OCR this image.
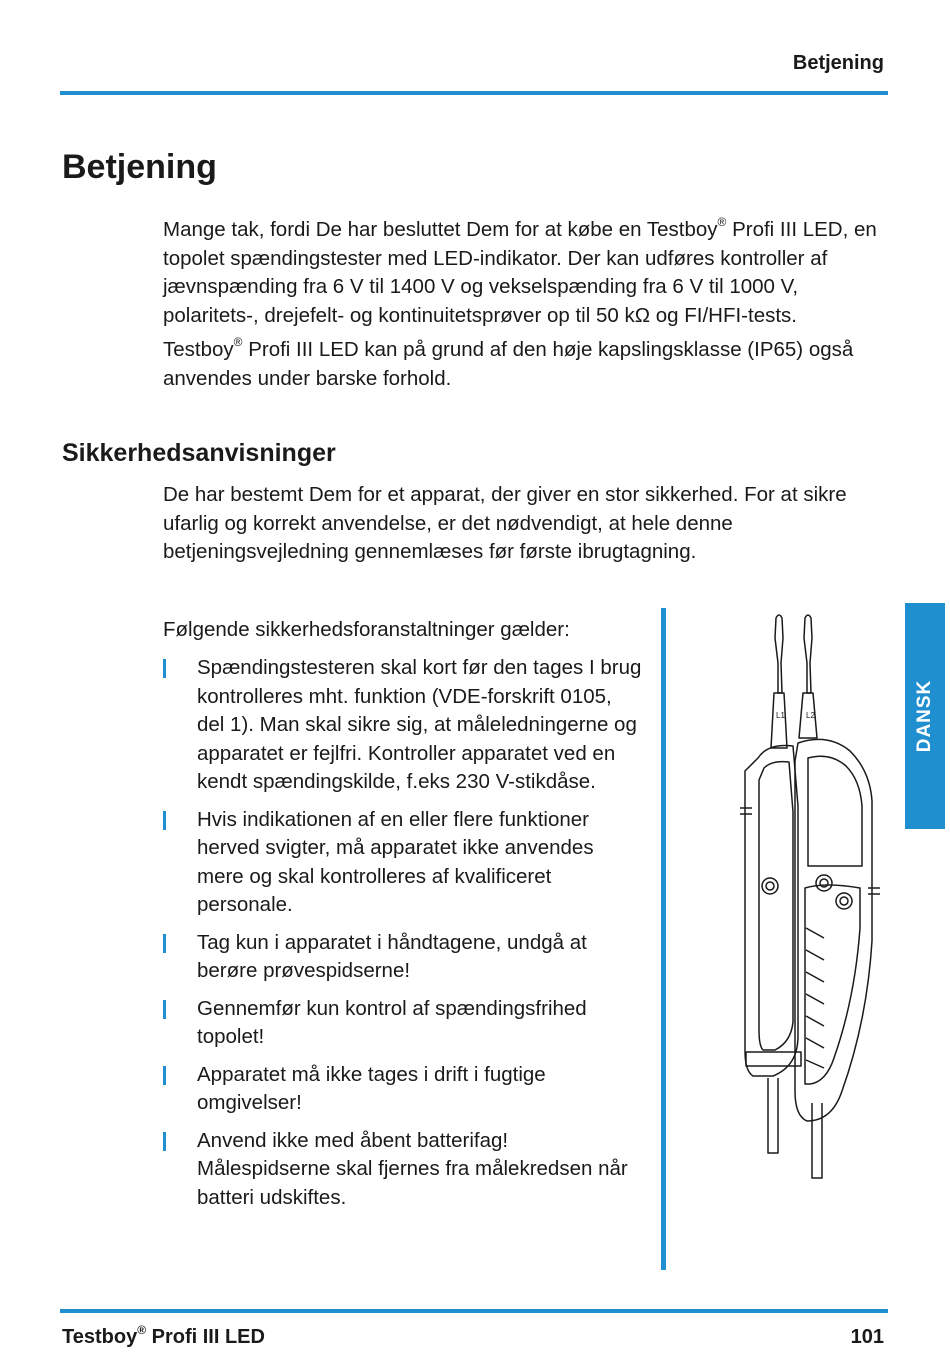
Betjening
Betjening

Mange tak, fordi De har besluttet Dem for at købe en Testboy® Profi III LED, en topolet spændingstester med LED-indikator. Der kan udføres kontroller af jævnspænding fra 6 V til 1400 V og vekselspænding fra 6 V til 1000 V, polaritets-, drejefelt- og kontinuitetsprøver op til 50 kΩ og FI/HFI-tests.

Testboy® Profi III LED kan på grund af den høje kapslingsklasse (IP65) også anvendes under barske forhold.

Sikkerhedsanvisninger

De har bestemt Dem for et apparat, der giver en stor sikkerhed. For at sikre ufarlig og korrekt anvendelse, er det nødvendigt, at hele denne betjeningsvejledning gennemlæses før første ibrugtagning.

Følgende sikkerhedsforanstaltninger gælder:

Spændingstesteren skal kort før den tages I brug kontrolleres mht. funktion (VDE-forskrift 0105, del 1). Man skal sikre sig, at måleledningerne og apparatet er fejlfri. Kontroller apparatet ved en kendt spændingskilde, f.eks 230 V-stikdåse.
Hvis indikationen af en eller flere funktioner herved svigter, må apparatet ikke anvendes mere og skal kontrolleres af kvalificeret personale.
Tag kun i apparatet i håndtagene, undgå at berøre prøvespidserne!
Gennemfør kun kontrol af spændingsfrihed topolet!
Apparatet må ikke tages i drift i fugtige omgivelser!
Anvend ikke med åbent batterifag! Målespidserne skal fjernes fra målekredsen når batteri udskiftes.
L1	L2	DANSK
Testboy® Profi III LED	101
